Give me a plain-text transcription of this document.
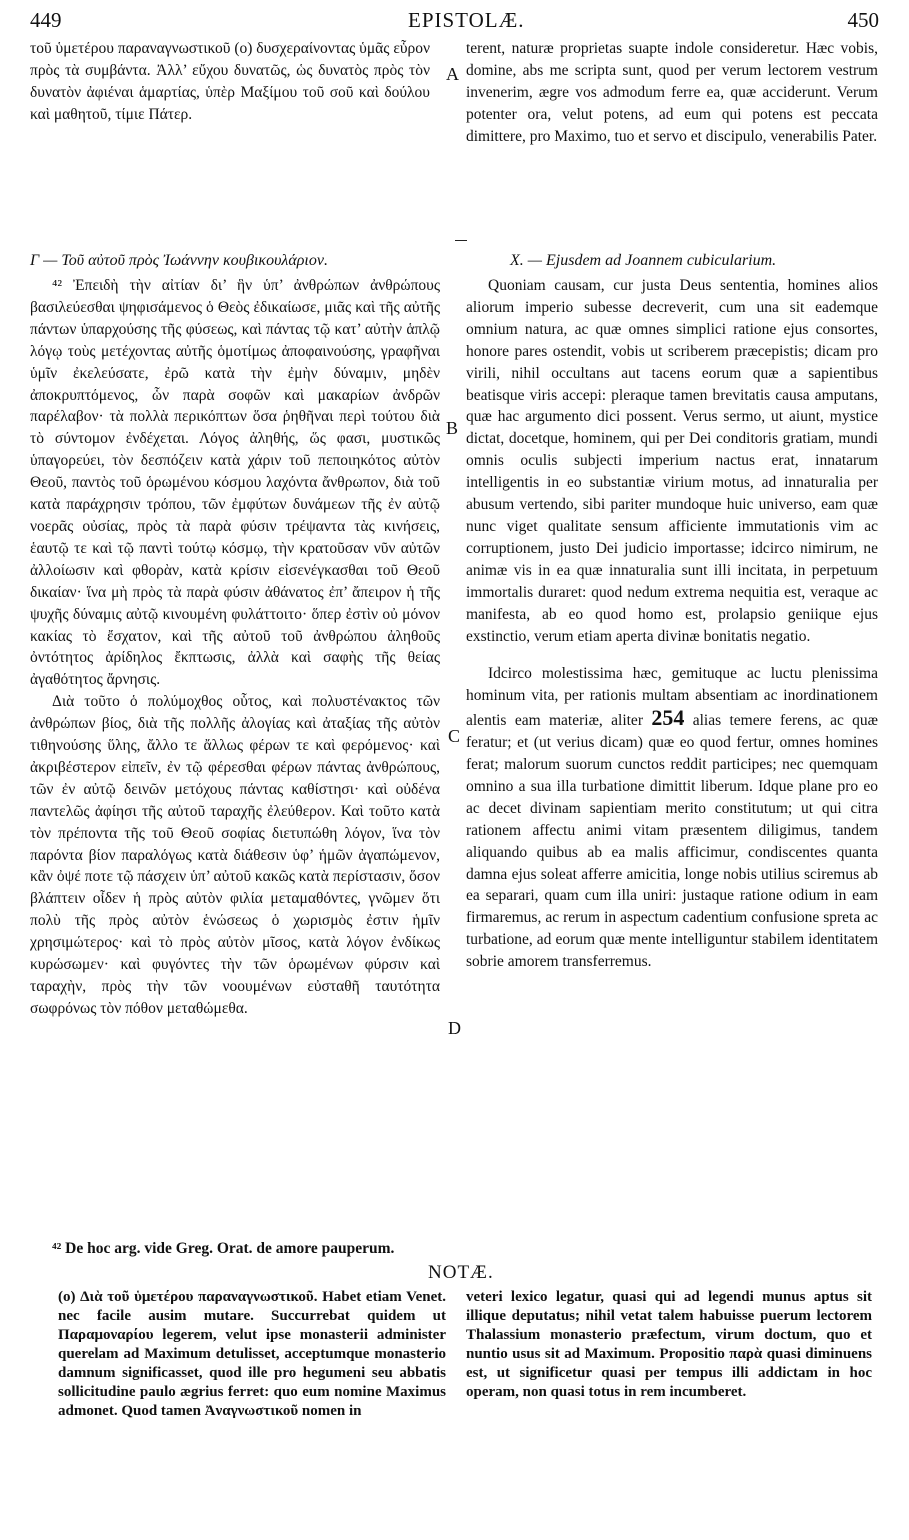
449	EPISTOLÆ.	450

τοῦ ὑμετέρου παραναγνωστικοῦ (o) δυσχεραίνοντας ὑμᾶς εὗρον πρὸς τὰ συμβάντα. Ἀλλ’ εὔχου δυνατῶς, ὡς δυνατὸς πρὸς τὸν δυνατὸν ἀφιέναι ἁμαρτίας, ὑπὲρ Μαξίμου τοῦ σοῦ καὶ δούλου καὶ μαθητοῦ, τίμιε Πάτερ.

terent, naturæ proprietas suapte indole consideretur. Hæc vobis, domine, abs me scripta sunt, quod per verum lectorem vestrum invenerim, ægre vos admodum ferre ea, quæ acciderunt. Verum potenter ora, velut potens, ad eum qui potens est peccata dimittere, pro Maximo, tuo et servo et discipulo, venerabilis Pater.

Γ — Τοῦ αὐτοῦ πρὸς Ἰωάννην κουβικουλάριον.	X. — Ejusdem ad Joannem cubicularium.

⁴² Ἐπειδὴ τὴν αἰτίαν δι’ ἣν ὑπ’ ἀνθρώπων ἀνθρώπους βασιλεύεσθαι ψηφισάμενος ὁ Θεὸς ἐδικαίωσε, μιᾶς καὶ τῆς αὐτῆς πάντων ὑπαρχούσης τῆς φύσεως, καὶ πάντας τῷ κατ’ αὐτὴν ἁπλῷ λόγῳ τοὺς μετέχοντας αὐτῆς ὁμοτίμως ἀποφαινούσης, γραφῆναι ὑμῖν ἐκελεύσατε, ἐρῶ κατὰ τὴν ἐμὴν δύναμιν, μηδὲν ἀποκρυπτόμενος, ὧν παρὰ σοφῶν καὶ μακαρίων ἀνδρῶν παρέλαβον· τὰ πολλὰ περικόπτων ὅσα ῥηθῆναι περὶ τούτου διὰ τὸ σύντομον ἐνδέχεται. Λόγος ἀληθής, ὥς φασι, μυστικῶς ὑπαγορεύει, τὸν δεσπόζειν κατὰ χάριν τοῦ πεποιηκότος αὐτὸν Θεοῦ, παντὸς τοῦ ὁρωμένου κόσμου λαχόντα ἄνθρωπον, διὰ τοῦ κατὰ παράχρησιν τρόπου, τῶν ἐμφύτων δυνάμεων τῆς ἐν αὐτῷ νοερᾶς οὐσίας, πρὸς τὰ παρὰ φύσιν τρέψαντα τὰς κινήσεις, ἑαυτῷ τε καὶ τῷ παντὶ τούτῳ κόσμῳ, τὴν κρατοῦσαν νῦν αὐτῶν ἀλλοίωσιν καὶ φθορὰν, κατὰ κρίσιν εἰσενέγκασθαι τοῦ Θεοῦ δικαίαν· ἵνα μὴ πρὸς τὰ παρὰ φύσιν ἀθάνατος ἐπ’ ἄπειρον ἡ τῆς ψυχῆς δύναμις αὐτῷ κινουμένη φυλάττοιτο· ὅπερ ἐστὶν οὐ μόνον κακίας τὸ ἔσχατον, καὶ τῆς αὐτοῦ τοῦ ἀνθρώπου ἀληθοῦς ὀντότητος ἀρίδηλος ἔκπτωσις, ἀλλὰ καὶ σαφὴς τῆς θείας ἀγαθότητος ἄρνησις.

Διὰ τοῦτο ὁ πολύμοχθος οὗτος, καὶ πολυστένακτος τῶν ἀνθρώπων βίος, διὰ τῆς πολλῆς ἀλογίας καὶ ἀταξίας τῆς αὐτὸν τιθηνούσης ὕλης, ἄλλο τε ἄλλως φέρων τε καὶ φερόμενος· καὶ ἀκριβέστερον εἰπεῖν, ἐν τῷ φέρεσθαι φέρων πάντας ἀνθρώπους, τῶν ἐν αὐτῷ δεινῶν μετόχους πάντας καθίστησι· καὶ οὐδένα παντελῶς ἀφίησι τῆς αὐτοῦ ταραχῆς ἐλεύθερον. Καὶ τοῦτο κατὰ τὸν πρέποντα τῆς τοῦ Θεοῦ σοφίας διετυπώθη λόγον, ἵνα τὸν παρόντα βίον παραλόγως κατὰ διάθεσιν ὑφ’ ἡμῶν ἀγαπώμενον, κἂν ὀψέ ποτε τῷ πάσχειν ὑπ’ αὐτοῦ κακῶς κατὰ περίστασιν, ὅσον βλάπτειν οἶδεν ἡ πρὸς αὐτὸν φιλία μεταμαθόντες, γνῶμεν ὅτι πολὺ τῆς πρὸς αὐτὸν ἑνώσεως ὁ χωρισμὸς ἐστιν ἡμῖν χρησιμώτερος· καὶ τὸ πρὸς αὐτὸν μῖσος, κατὰ λόγον ἐνδίκως κυρώσωμεν· καὶ φυγόντες τὴν τῶν ὁρωμένων φύρσιν καὶ ταραχὴν, πρὸς τὴν τῶν νοουμένων εὐσταθῆ ταυτότητα σωφρόνως τὸν πόθον μεταθώμεθα.

Quoniam causam, cur justa Deus sententia, homines alios aliorum imperio subesse decreverit, cum una sit eademque omnium natura, ac quæ omnes simplici ratione ejus consortes, honore pares ostendit, vobis ut scriberem præcepistis; dicam pro virili, nihil occultans aut tacens eorum quæ a sapientibus beatisque viris accepi: pleraque tamen brevitatis causa amputans, quæ hac argumento dici possent. Verus sermo, ut aiunt, mystice dictat, docetque, hominem, qui per Dei conditoris gratiam, mundi omnis oculis subjecti imperium nactus erat, innatarum intelligentis in eo substantiæ virium motus, ad innaturalia per abusum vertendo, sibi pariter mundoque huic universo, eam quæ nunc viget qualitate sensum afficiente immutationis vim ac corruptionem, justo Dei judicio importasse; idcirco nimirum, ne animæ vis in ea quæ innaturalia sunt illi incitata, in perpetuum immortalis duraret: quod nedum extrema nequitia est, veraque ac manifesta, ab eo quod homo est, prolapsio geniique ejus exstinctio, verum etiam aperta divinæ bonitatis negatio.

Idcirco molestissima hæc, gemituque ac luctu plenissima hominum vita, per rationis multam absentiam ac inordinationem alentis eam materiæ, aliter 254 alias temere ferens, ac quæ feratur; et (ut verius dicam) quæ eo quod fertur, omnes homines ferat; malorum suorum cunctos reddit participes; nec quemquam omnino a sua illa turbatione dimittit liberum. Idque plane pro eo ac decet divinam sapientiam merito constitutum; ut qui citra rationem affectu animi vitam præsentem diligimus, tandem aliquando quibus ab ea malis afficimur, condiscentes quanta damna ejus soleat afferre amicitia, longe nobis utilius sciremus ab ea separari, quam cum illa uniri: justaque ratione odium in eam firmaremus, ac rerum in aspectum cadentium confusione spreta ac turbatione, ad eorum quæ mente intelliguntur stabilem identitatem sobrie amorem transferremus.

A
B
C
D
⁴² De hoc arg. vide Greg. Orat. de amore pauperum.
NOTÆ.

(o) Διὰ τοῦ ὑμετέρου παραναγνωστικοῦ. Habet etiam Venet. nec facile ausim mutare. Succurrebat quidem ut Παραμοναρίου legerem, velut ipse monasterii administer querelam ad Maximum detulisset, acceptumque monasterio damnum significasset, quod ille pro hegumeni seu abbatis sollicitudine paulo ægrius ferret: quo eum nomine Maximus admonet. Quod tamen Ἀναγνωστικοῦ nomen in

veteri lexico legatur, quasi qui ad legendi munus aptus sit illique deputatus; nihil vetat talem habuisse puerum lectorem Thalassium monasterio præfectum, virum doctum, quo et nuntio usus sit ad Maximum. Propositio παρὰ quasi diminuens est, ut significetur quasi per tempus illi addictam in hoc operam, non quasi totus in rem incumberet.
